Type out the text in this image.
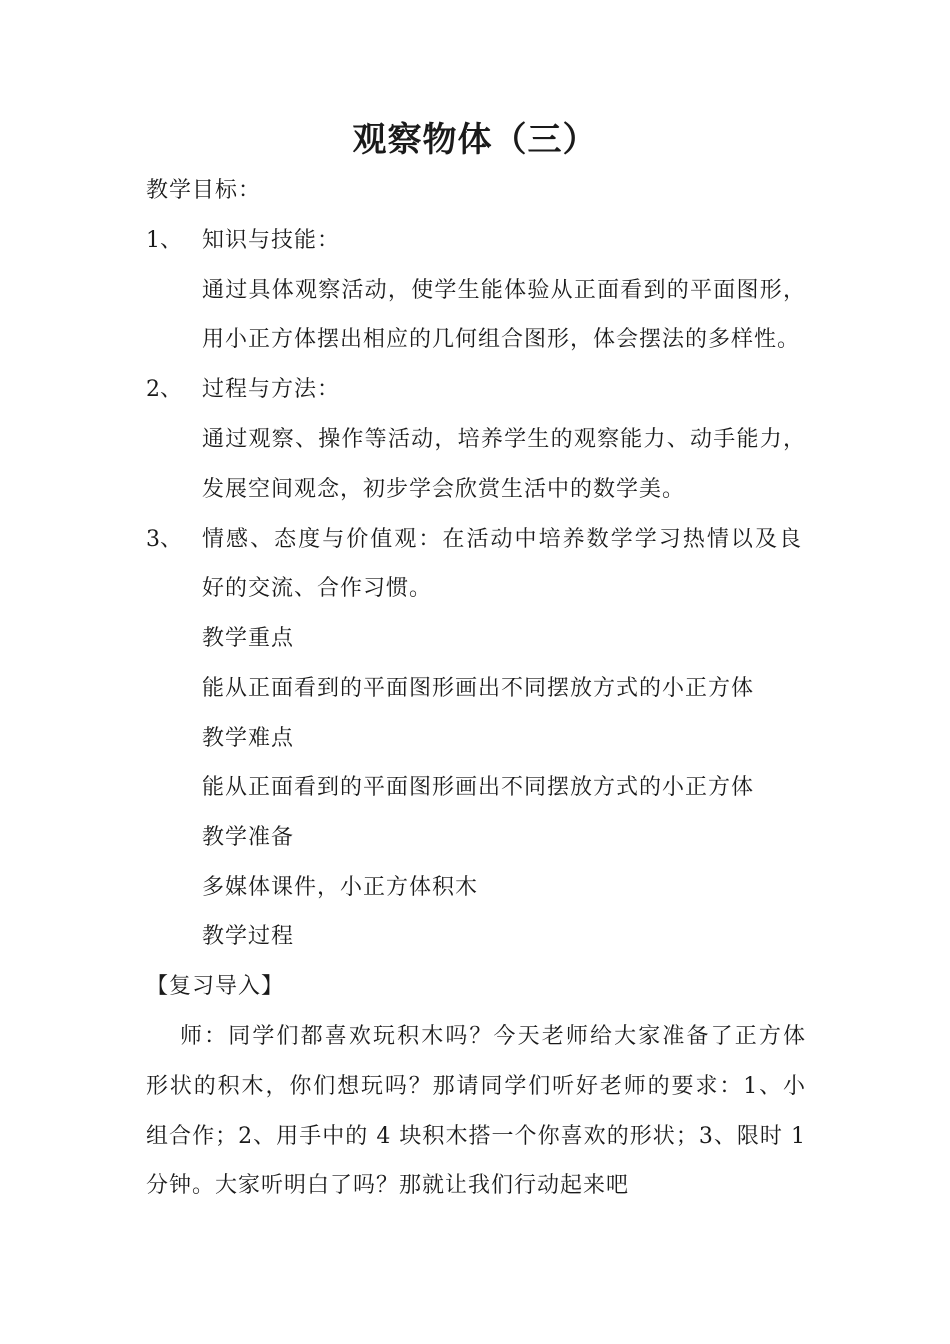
观察物体（三）
教学目标：
1、 知识与技能：
通过具体观察活动，使学生能体验从正面看到的平面图形，
用小正方体摆出相应的几何组合图形，体会摆法的多样性。
2、 过程与方法：
通过观察、操作等活动，培养学生的观察能力、动手能力，
发展空间观念，初步学会欣赏生活中的数学美。
3、 情感、态度与价值观：在活动中培养数学学习热情以及良
好的交流、合作习惯。
教学重点
能从正面看到的平面图形画出不同摆放方式的小正方体
教学难点
能从正面看到的平面图形画出不同摆放方式的小正方体
教学准备
多媒体课件，小正方体积木
教学过程
【复习导入】
师：同学们都喜欢玩积木吗？今天老师给大家准备了正方体
形状的积木，你们想玩吗？那请同学们听好老师的要求：1、小
组合作；2、用手中的 4 块积木搭一个你喜欢的形状；3、限时 1
分钟。大家听明白了吗？那就让我们行动起来吧
